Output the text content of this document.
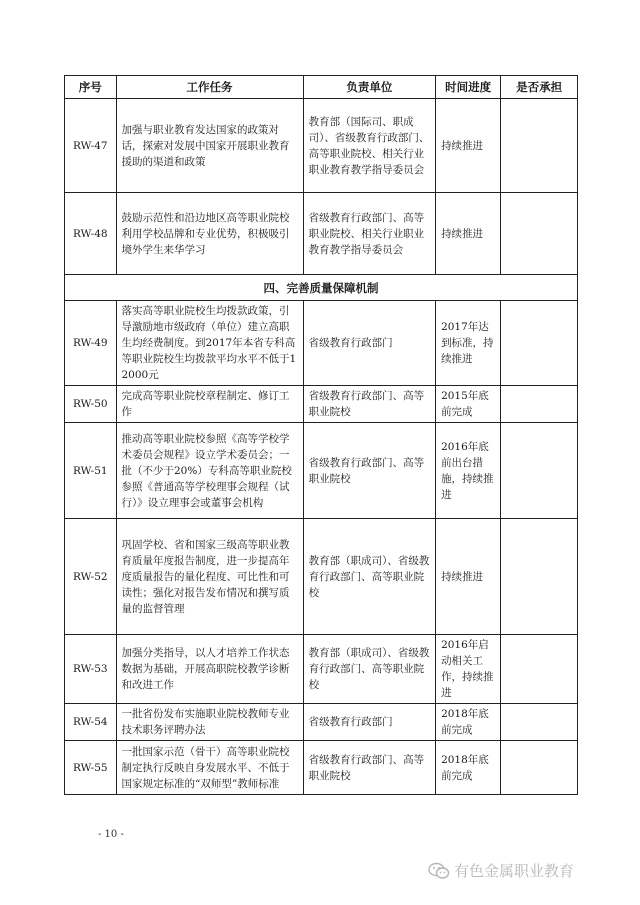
序号	工作任务	负责单位	时间进度	是否承担
RW-47	加强与职业教育发达国家的政策对话，探索对发展中国家开展职业教育援助的渠道和政策	教育部（国际司、职成司）、省级教育行政部门、高等职业院校、相关行业职业教育教学指导委员会	持续推进	
RW-48	鼓励示范性和沿边地区高等职业院校利用学校品牌和专业优势，积极吸引境外学生来华学习	省级教育行政部门、高等职业院校、相关行业职业教育教学指导委员会	持续推进	
四、完善质量保障机制				
RW-49	落实高等职业院校生均拨款政策，引导激励地市级政府（单位）建立高职生均经费制度。到2017年本省专科高等职业院校生均拨款平均水平不低于12000元	省级教育行政部门	2017年达到标准，持续推进	
RW-50	完成高等职业院校章程制定、修订工作	省级教育行政部门、高等职业院校	2015年底前完成	
RW-51	推动高等职业院校参照《高等学校学术委员会规程》设立学术委员会；一批（不少于20%）专科高等职业院校参照《普通高等学校理事会规程（试行）》设立理事会或董事会机构	省级教育行政部门、高等职业院校	2016年底前出台措施，持续推进	
RW-52	巩固学校、省和国家三级高等职业教育质量年度报告制度，进一步提高年度质量报告的量化程度、可比性和可读性；强化对报告发布情况和撰写质量的监督管理	教育部（职成司）、省级教育行政部门、高等职业院校	持续推进	
RW-53	加强分类指导，以人才培养工作状态数据为基础，开展高职院校教学诊断和改进工作	教育部（职成司）、省级教育行政部门、高等职业院校	2016年启动相关工作，持续推进	
RW-54	一批省份发布实施职业院校教师专业技术职务评聘办法	省级教育行政部门	2018年底前完成	
RW-55	一批国家示范（骨干）高等职业院校制定执行反映自身发展水平、不低于国家规定标准的“双师型”教师标准	省级教育行政部门、高等职业院校	2018年底前完成	
- 10 -
有色金属职业教育
